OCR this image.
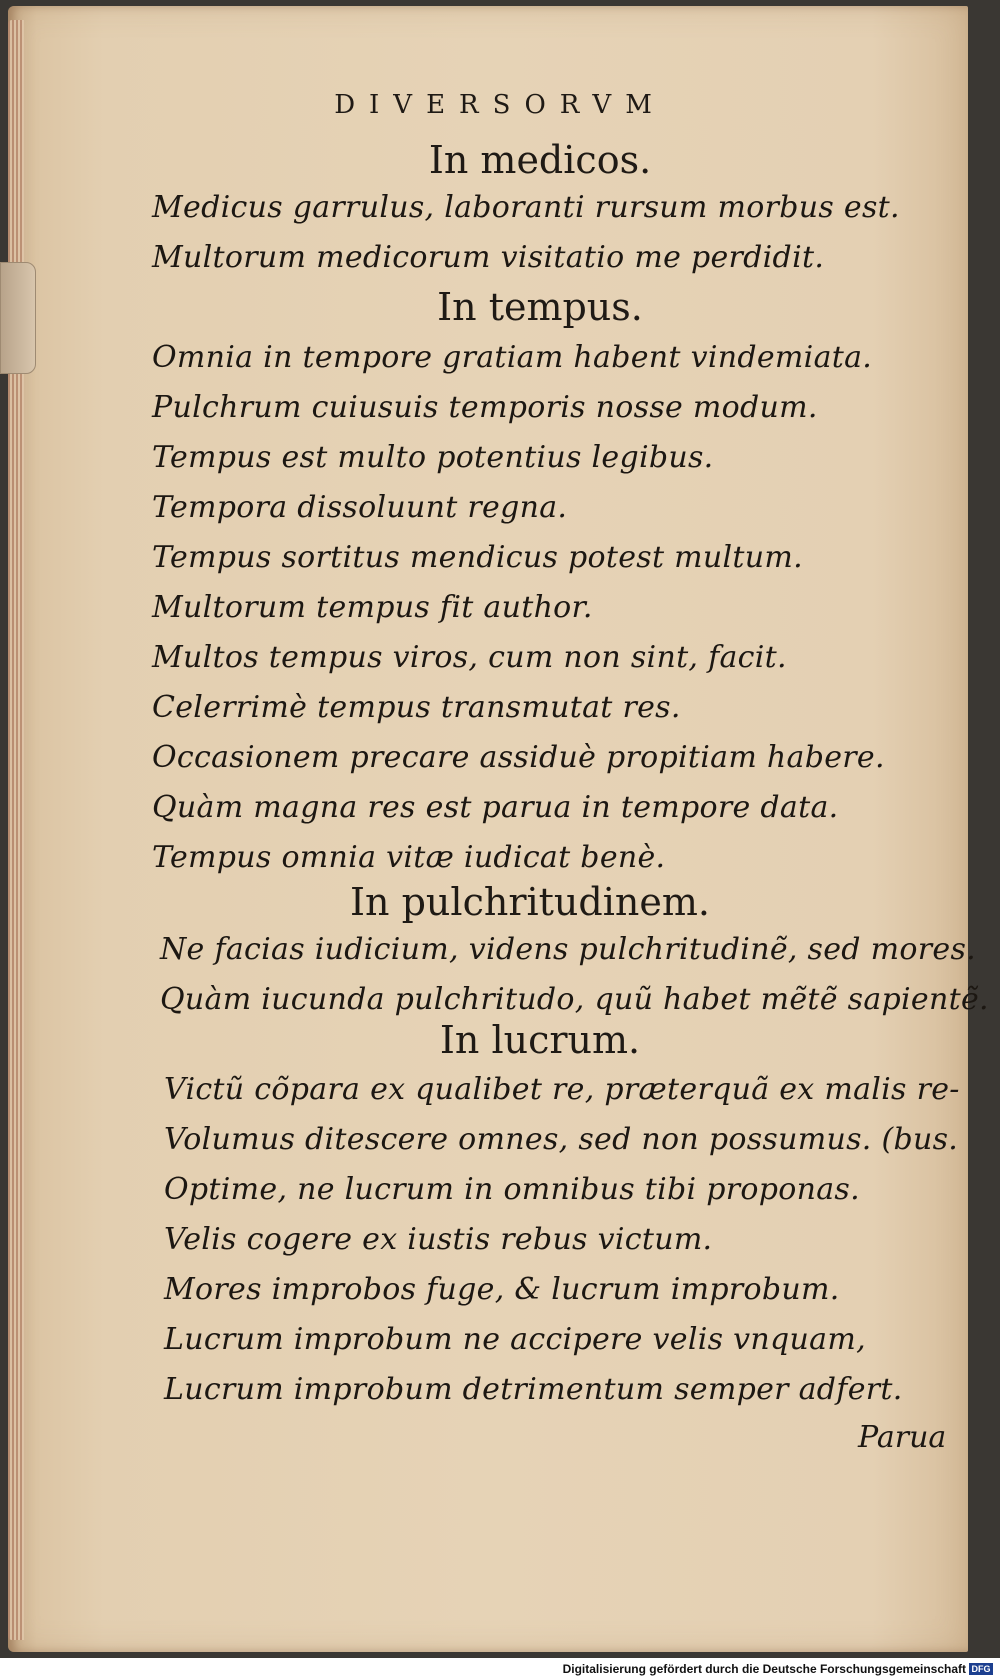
DIVERSORVM
In medicos.
Medicus garrulus, laboranti rursum morbus est.
Multorum medicorum visitatio me perdidit.
In tempus.
Omnia in tempore gratiam habent vindemiata.
Pulchrum cuiusuis temporis nosse modum.
Tempus est multo potentius legibus.
Tempora dissoluunt regna.
Tempus sortitus mendicus potest multum.
Multorum tempus fit author.
Multos tempus viros, cum non sint, facit.
Celerrimè tempus transmutat res.
Occasionem precare assiduè propitiam habere.
Quàm magna res est parua in tempore data.
Tempus omnia vitæ iudicat benè.
In pulchritudinem.
Ne facias iudicium, videns pulchritudinẽ, sed mores.
Quàm iucunda pulchritudo, quũ habet mẽtẽ sapientẽ.
In lucrum.
Victũ cõpara ex qualibet re, præterquã ex malis re-
Volumus ditescere omnes, sed non possumus. (bus.
Optime, ne lucrum in omnibus tibi proponas.
Velis cogere ex iustis rebus victum.
Mores improbos fuge, & lucrum improbum.
Lucrum improbum ne accipere velis vnquam,
Lucrum improbum detrimentum semper adfert.
Parua
Digitalisierung gefördert durch die Deutsche Forschungsgemeinschaft DFG
